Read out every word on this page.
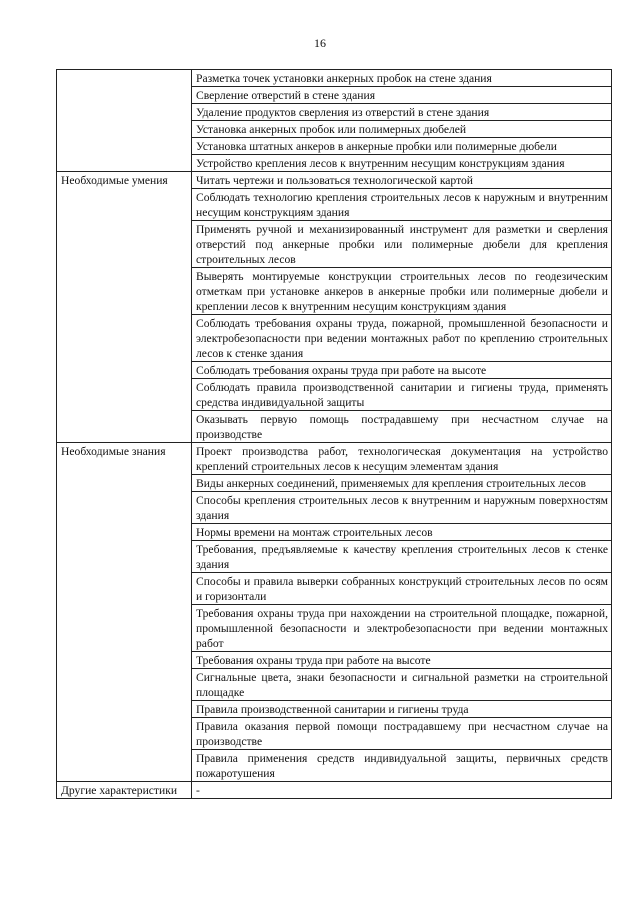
16
	Разметка точек установки анкерных пробок на стене здания
	Сверление отверстий в стене здания
	Удаление продуктов сверления из отверстий в стене здания
	Установка анкерных пробок или полимерных дюбелей
	Установка штатных анкеров в анкерные пробки или полимерные дюбели
	Устройство крепления лесов к внутренним несущим конструкциям здания
Необходимые умения	Читать чертежи и пользоваться технологической картой
	Соблюдать технологию крепления строительных лесов к наружным и внутренним несущим конструкциям здания
	Применять ручной и механизированный инструмент для разметки и сверления отверстий под анкерные пробки или полимерные дюбели для крепления строительных лесов
	Выверять монтируемые конструкции строительных лесов по геодезическим отметкам при установке анкеров в анкерные пробки или полимерные дюбели и креплении лесов к внутренним несущим конструкциям здания
	Соблюдать требования охраны труда, пожарной, промышленной безопасности и электробезопасности при ведении монтажных работ по креплению строительных лесов к стенке здания
	Соблюдать требования охраны труда при работе на высоте
	Соблюдать правила производственной санитарии и гигиены труда, применять средства индивидуальной защиты
	Оказывать первую помощь пострадавшему при несчастном случае на производстве
Необходимые знания	Проект производства работ, технологическая документация на устройство креплений строительных лесов к несущим элементам здания
	Виды анкерных соединений, применяемых для крепления строительных лесов
	Способы крепления строительных лесов к внутренним и наружным поверхностям здания
	Нормы времени на монтаж строительных лесов
	Требования, предъявляемые к качеству крепления строительных лесов к стенке здания
	Способы и правила выверки собранных конструкций строительных лесов по осям и горизонтали
	Требования охраны труда при нахождении на строительной площадке, пожарной, промышленной безопасности и электробезопасности при ведении монтажных работ
	Требования охраны труда при работе на высоте
	Сигнальные цвета, знаки безопасности и сигнальной разметки на строительной площадке
	Правила производственной санитарии и гигиены труда
	Правила оказания первой помощи пострадавшему при несчастном случае на производстве
	Правила применения средств индивидуальной защиты, первичных средств пожаротушения
Другие характеристики	-
